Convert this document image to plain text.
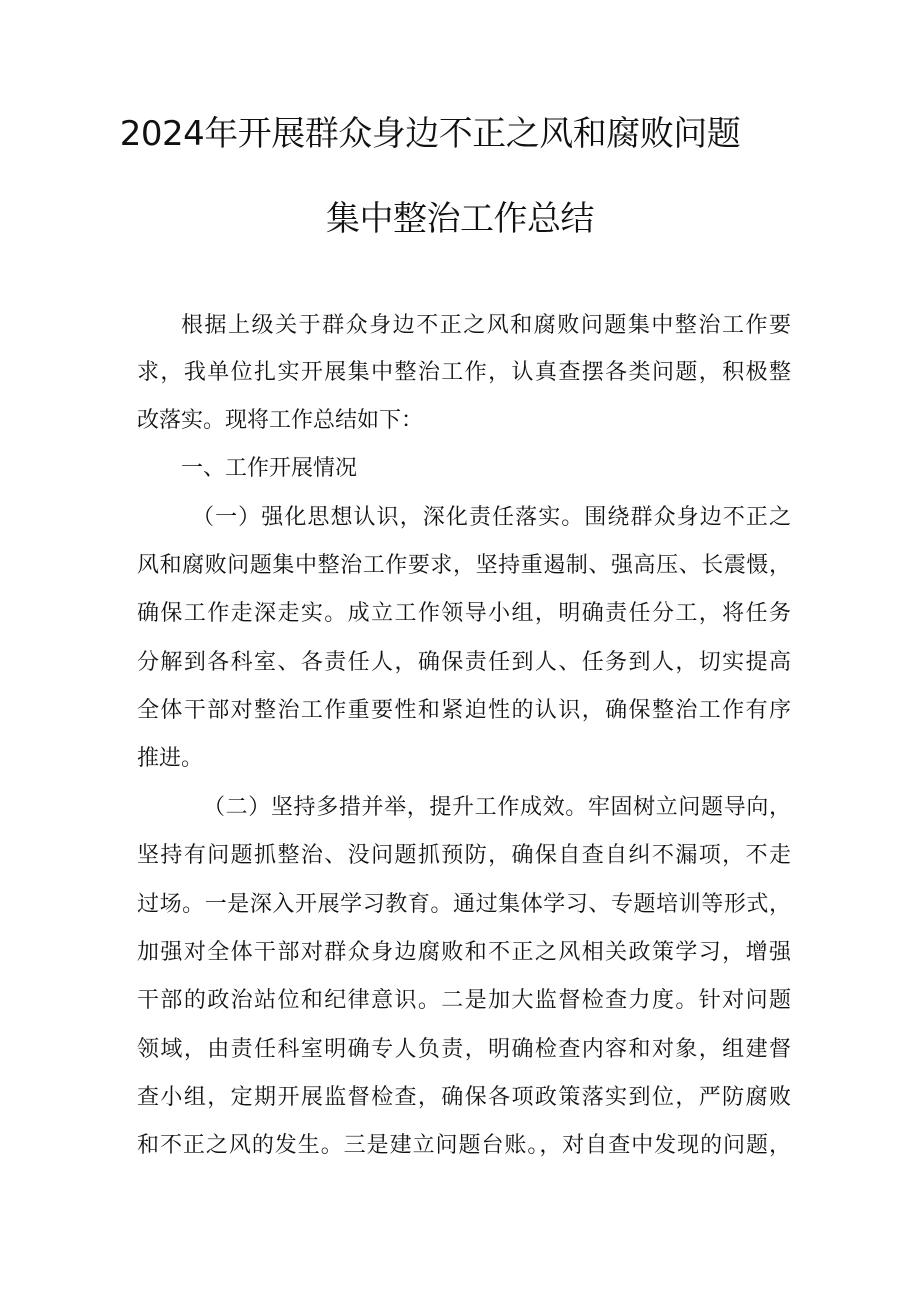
2024年开展群众身边不正之风和腐败问题
集中整治工作总结
根据上级关于群众身边不正之风和腐败问题集中整治工作要
求，我单位扎实开展集中整治工作，认真查摆各类问题，积极整
改落实。现将工作总结如下：
一、工作开展情况
（一）强化思想认识，深化责任落实。围绕群众身边不正之
风和腐败问题集中整治工作要求，坚持重遏制、强高压、长震慑，
确保工作走深走实。成立工作领导小组，明确责任分工，将任务
分解到各科室、各责任人，确保责任到人、任务到人，切实提高
全体干部对整治工作重要性和紧迫性的认识，确保整治工作有序
推进。
（二）坚持多措并举，提升工作成效。牢固树立问题导向，
坚持有问题抓整治、没问题抓预防，确保自查自纠不漏项，不走
过场。一是深入开展学习教育。通过集体学习、专题培训等形式，
加强对全体干部对群众身边腐败和不正之风相关政策学习，增强
干部的政治站位和纪律意识。二是加大监督检查力度。针对问题
领域，由责任科室明确专人负责，明确检查内容和对象，组建督
查小组，定期开展监督检查，确保各项政策落实到位，严防腐败
和不正之风的发生。三是建立问题台账。，对自查中发现的问题，
